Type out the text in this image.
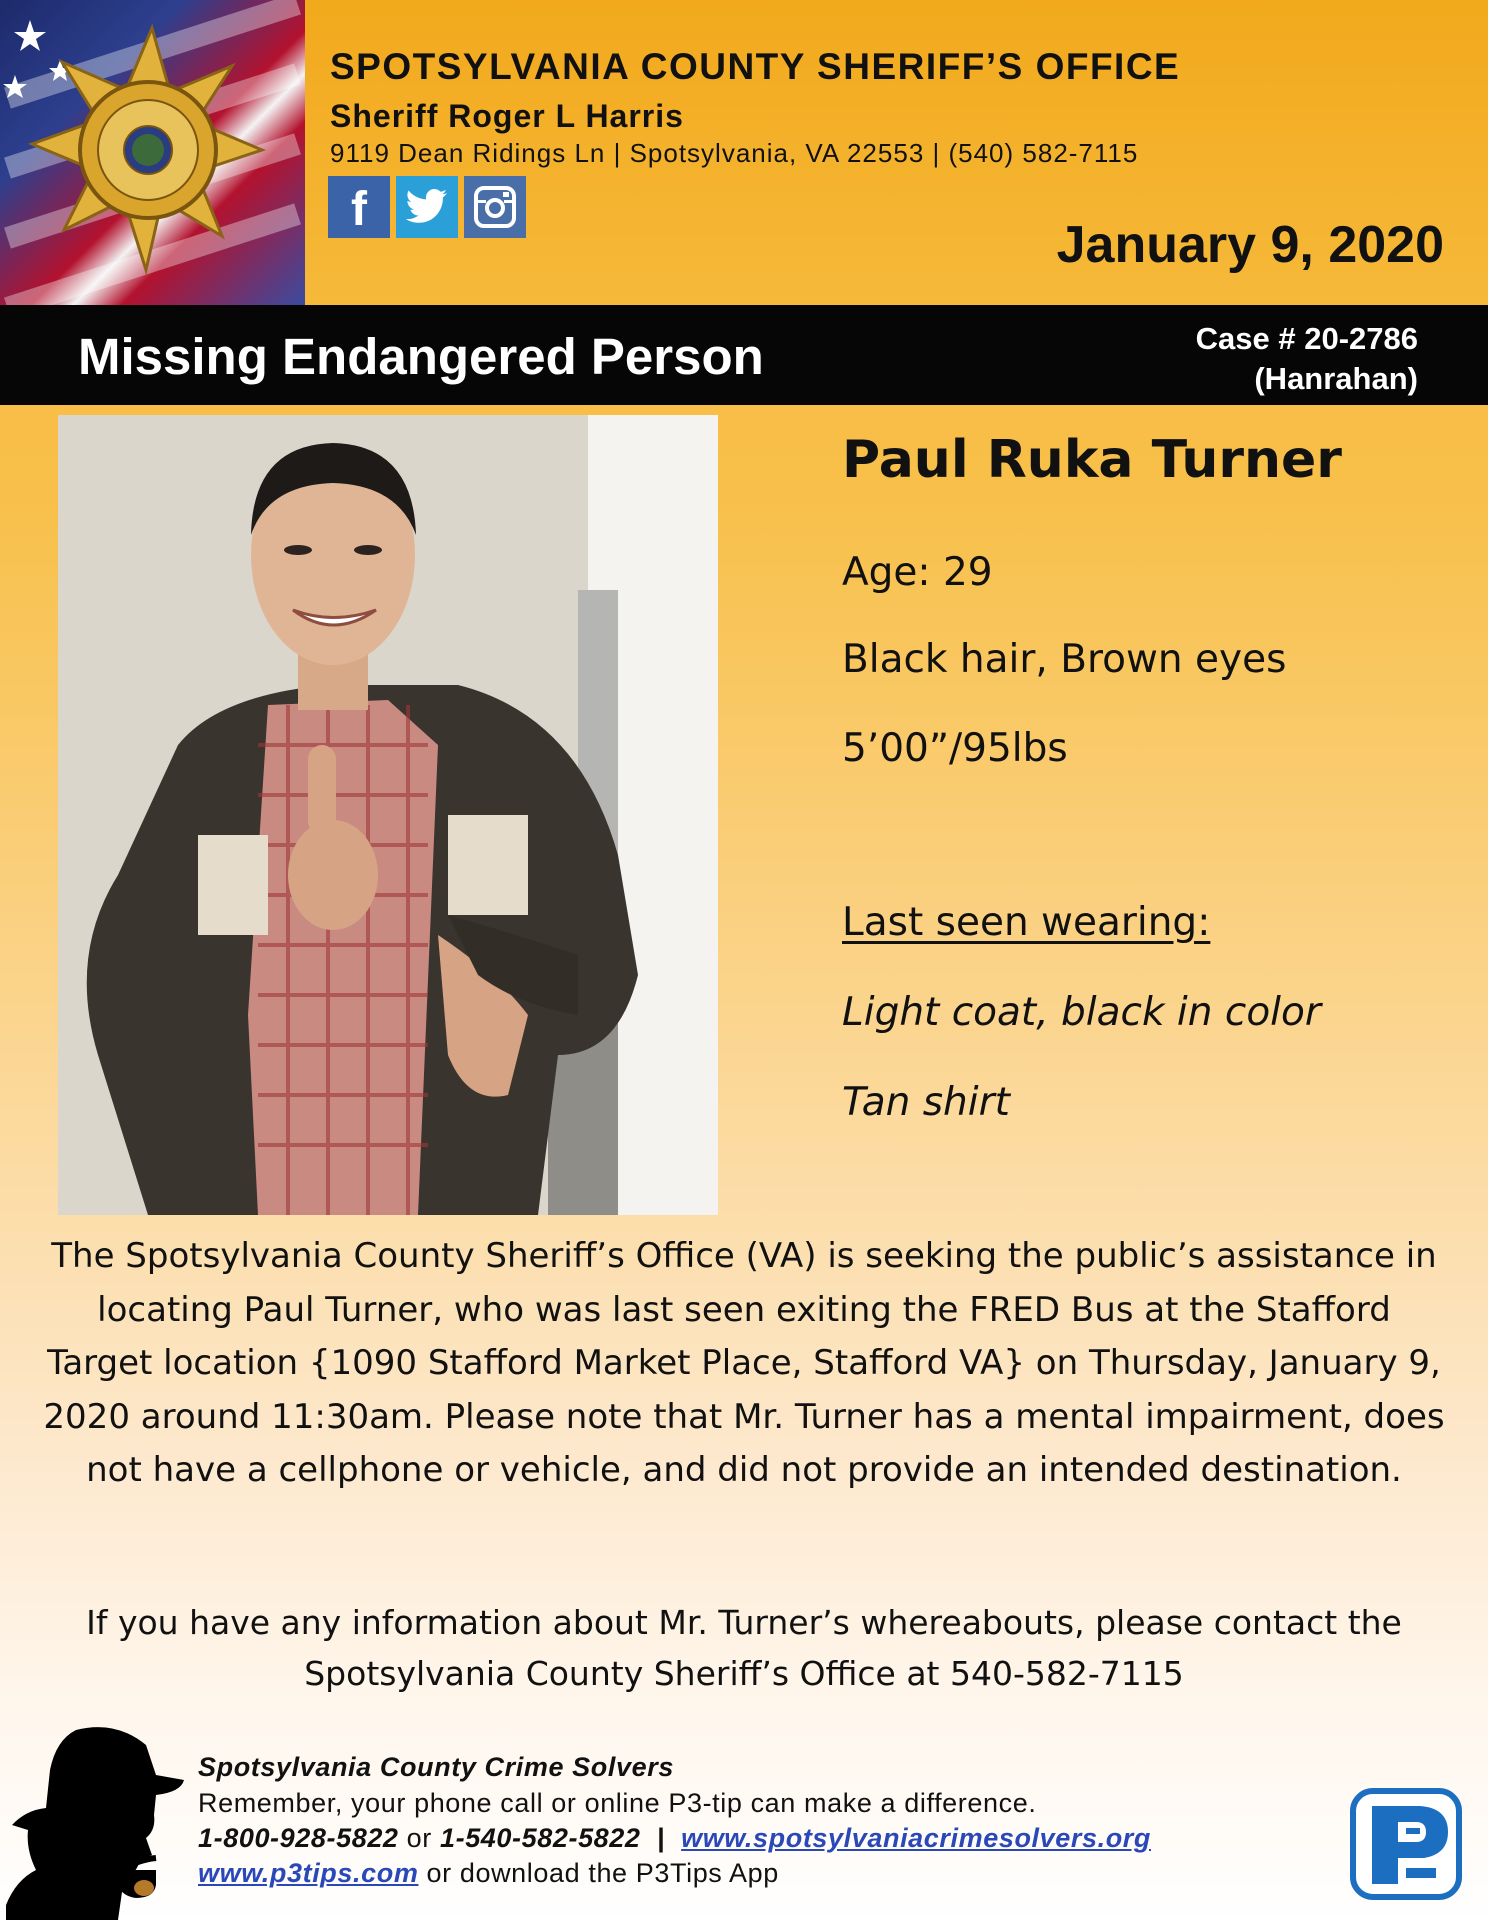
SPOTSYLVANIA COUNTY SHERIFF’S OFFICE
Sheriff Roger L Harris
9119 Dean Ridings Ln | Spotsylvania, VA 22553 | (540) 582-7115
f
January 9, 2020
Missing Endangered Person	Case # 20-2786
(Hanrahan)
Paul Ruka Turner
Age: 29
Black hair, Brown eyes
5’00”/95lbs
Last seen wearing:
Light coat, black in color
Tan shirt
The Spotsylvania County Sheriff’s Office (VA) is seeking the public’s assistance in locating Paul Turner, who was last seen exiting the FRED Bus at the Stafford Target location {1090 Stafford Market Place, Stafford VA} on Thursday, January 9, 2020 around 11:30am. Please note that Mr. Turner has a mental impairment, does not have a cellphone or vehicle, and did not provide an intended destination.
If you have any information about Mr. Turner’s whereabouts, please contact the Spotsylvania County Sheriff’s Office at 540-582-7115
Spotsylvania County Crime Solvers
Remember, your phone call or online P3-tip can make a difference.
1-800-928-5822 or 1-540-582-5822  |  www.spotsylvaniacrimesolvers.org
www.p3tips.com or download the P3Tips App
